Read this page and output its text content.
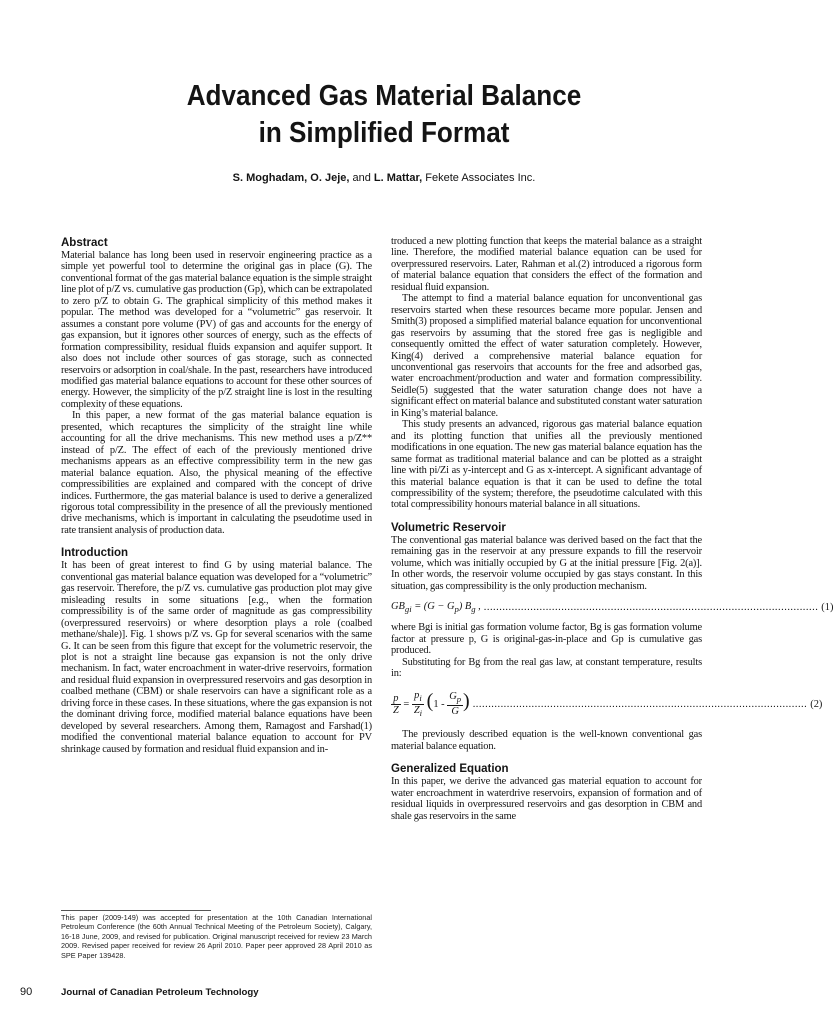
Advanced Gas Material Balance
in Simplified Format
S. Moghadam, O. Jeje, and L. Mattar, Fekete Associates Inc.
Abstract

Material balance has long been used in reservoir engineering practice as a simple yet powerful tool to determine the original gas in place (G). The conventional format of the gas material balance equation is the simple straight line plot of p/Z vs. cumulative gas production (Gp), which can be extrapolated to zero p/Z to obtain G. The graphical simplicity of this method makes it popular. The method was developed for a “volumetric” gas reservoir. It assumes a constant pore volume (PV) of gas and accounts for the energy of gas expansion, but it ignores other sources of energy, such as the effects of formation compressibility, residual fluids expansion and aquifer support. It also does not include other sources of gas storage, such as connected reservoirs or adsorption in coal/shale. In the past, researchers have introduced modified gas material balance equations to account for these other sources of energy. However, the simplicity of the p/Z straight line is lost in the resulting complexity of these equations.

In this paper, a new format of the gas material balance equation is presented, which recaptures the simplicity of the straight line while accounting for all the drive mechanisms. This new method uses a p/Z** instead of p/Z. The effect of each of the previously mentioned drive mechanisms appears as an effective compressibility term in the new gas material balance equation. Also, the physical meaning of the effective compressibilities are explained and compared with the concept of drive indices. Furthermore, the gas material balance is used to derive a generalized rigorous total compressibility in the presence of all the previously mentioned drive mechanisms, which is important in calculating the pseudotime used in rate transient analysis of production data.

Introduction

It has been of great interest to find G by using material balance. The conventional gas material balance equation was developed for a “volumetric” gas reservoir. Therefore, the p/Z vs. cumulative gas production plot may give misleading results in some situations [e.g., when the formation compressibility is of the same order of magnitude as gas compressibility (overpressured reservoirs) or where desorption plays a role (coalbed methane/shale)]. Fig. 1 shows p/Z vs. Gp for several scenarios with the same G. It can be seen from this figure that except for the volumetric reservoir, the plot is not a straight line because gas expansion is not the only drive mechanism. In fact, water encroachment in water-drive reservoirs, formation and residual fluid expansion in overpressured reservoirs and gas desorption in coalbed methane (CBM) or shale reservoirs can have a significant role as a driving force in these cases. In these situations, where the gas expansion is not the dominant driving force, modified material balance equations have been developed by several researchers. Among them, Ramagost and Farshad(1) modified the conventional material balance equation to account for PV shrinkage caused by formation and residual fluid expansion and in-

troduced a new plotting function that keeps the material balance as a straight line. Therefore, the modified material balance equation can be used for overpressured reservoirs. Later, Rahman et al.(2) introduced a rigorous form of material balance equation that considers the effect of the formation and residual fluid expansion.

The attempt to find a material balance equation for unconventional gas reservoirs started when these resources became more popular. Jensen and Smith(3) proposed a simplified material balance equation for unconventional gas reservoirs by assuming that the stored free gas is negligible and consequently omitted the effect of water saturation completely. However, King(4) derived a comprehensive material balance equation for unconventional gas reservoirs that accounts for the free and adsorbed gas, water encroachment/production and water and formation compressibility. Seidle(5) suggested that the water saturation change does not have a significant effect on material balance and substituted constant water saturation in King’s material balance.

This study presents an advanced, rigorous gas material balance equation and its plotting function that unifies all the previously mentioned modifications in one equation. The new gas material balance equation has the same format as traditional material balance and can be plotted as a straight line with pi/Zi as y-intercept and G as x-intercept. A significant advantage of this material balance equation is that it can be used to define the total compressibility of the system; therefore, the pseudotime calculated with this total compressibility honours material balance in all situations.

Volumetric Reservoir

The conventional gas material balance was derived based on the fact that the remaining gas in the reservoir at any pressure expands to fill the reservoir volume, which was initially occupied by G at the initial pressure [Fig. 2(a)]. In other words, the reservoir volume occupied by gas stays constant. In this situation, gas compressibility is the only production mechanism.

$GB_{gi} = (G - G_p)$ $B_g$ , ............................................................................................................ (1)

where Bgi is initial gas formation volume factor, Bg is gas formation volume factor at pressure p, G is original-gas-in-place and Gp is cumulative gas produced.

Substituting for Bg from the real gas law, at constant temperature, results in:

$\frac{p}{Z} = \frac{p_i}{Z_i} (1 - \frac{G_p}{G}$ ) ............................................................................................................ (2)

The previously described equation is the well-known conventional gas material balance equation.

Generalized Equation

In this paper, we derive the advanced gas material equation to account for water encroachment in waterdrive reservoirs, expansion of formation and of residual liquids in overpressured reservoirs and gas desorption in CBM and shale gas reservoirs in the same

This paper (2009-149) was accepted for presentation at the 10th Canadian International Petroleum Conference (the 60th Annual Technical Meeting of the Petroleum Society), Calgary, 16-18 June, 2009, and revised for publication. Original manuscript received for review 23 March 2009. Revised paper received for review 26 April 2010. Paper peer approved 28 April 2010 as SPE Paper 139428.
90	Journal of Canadian Petroleum Technology
